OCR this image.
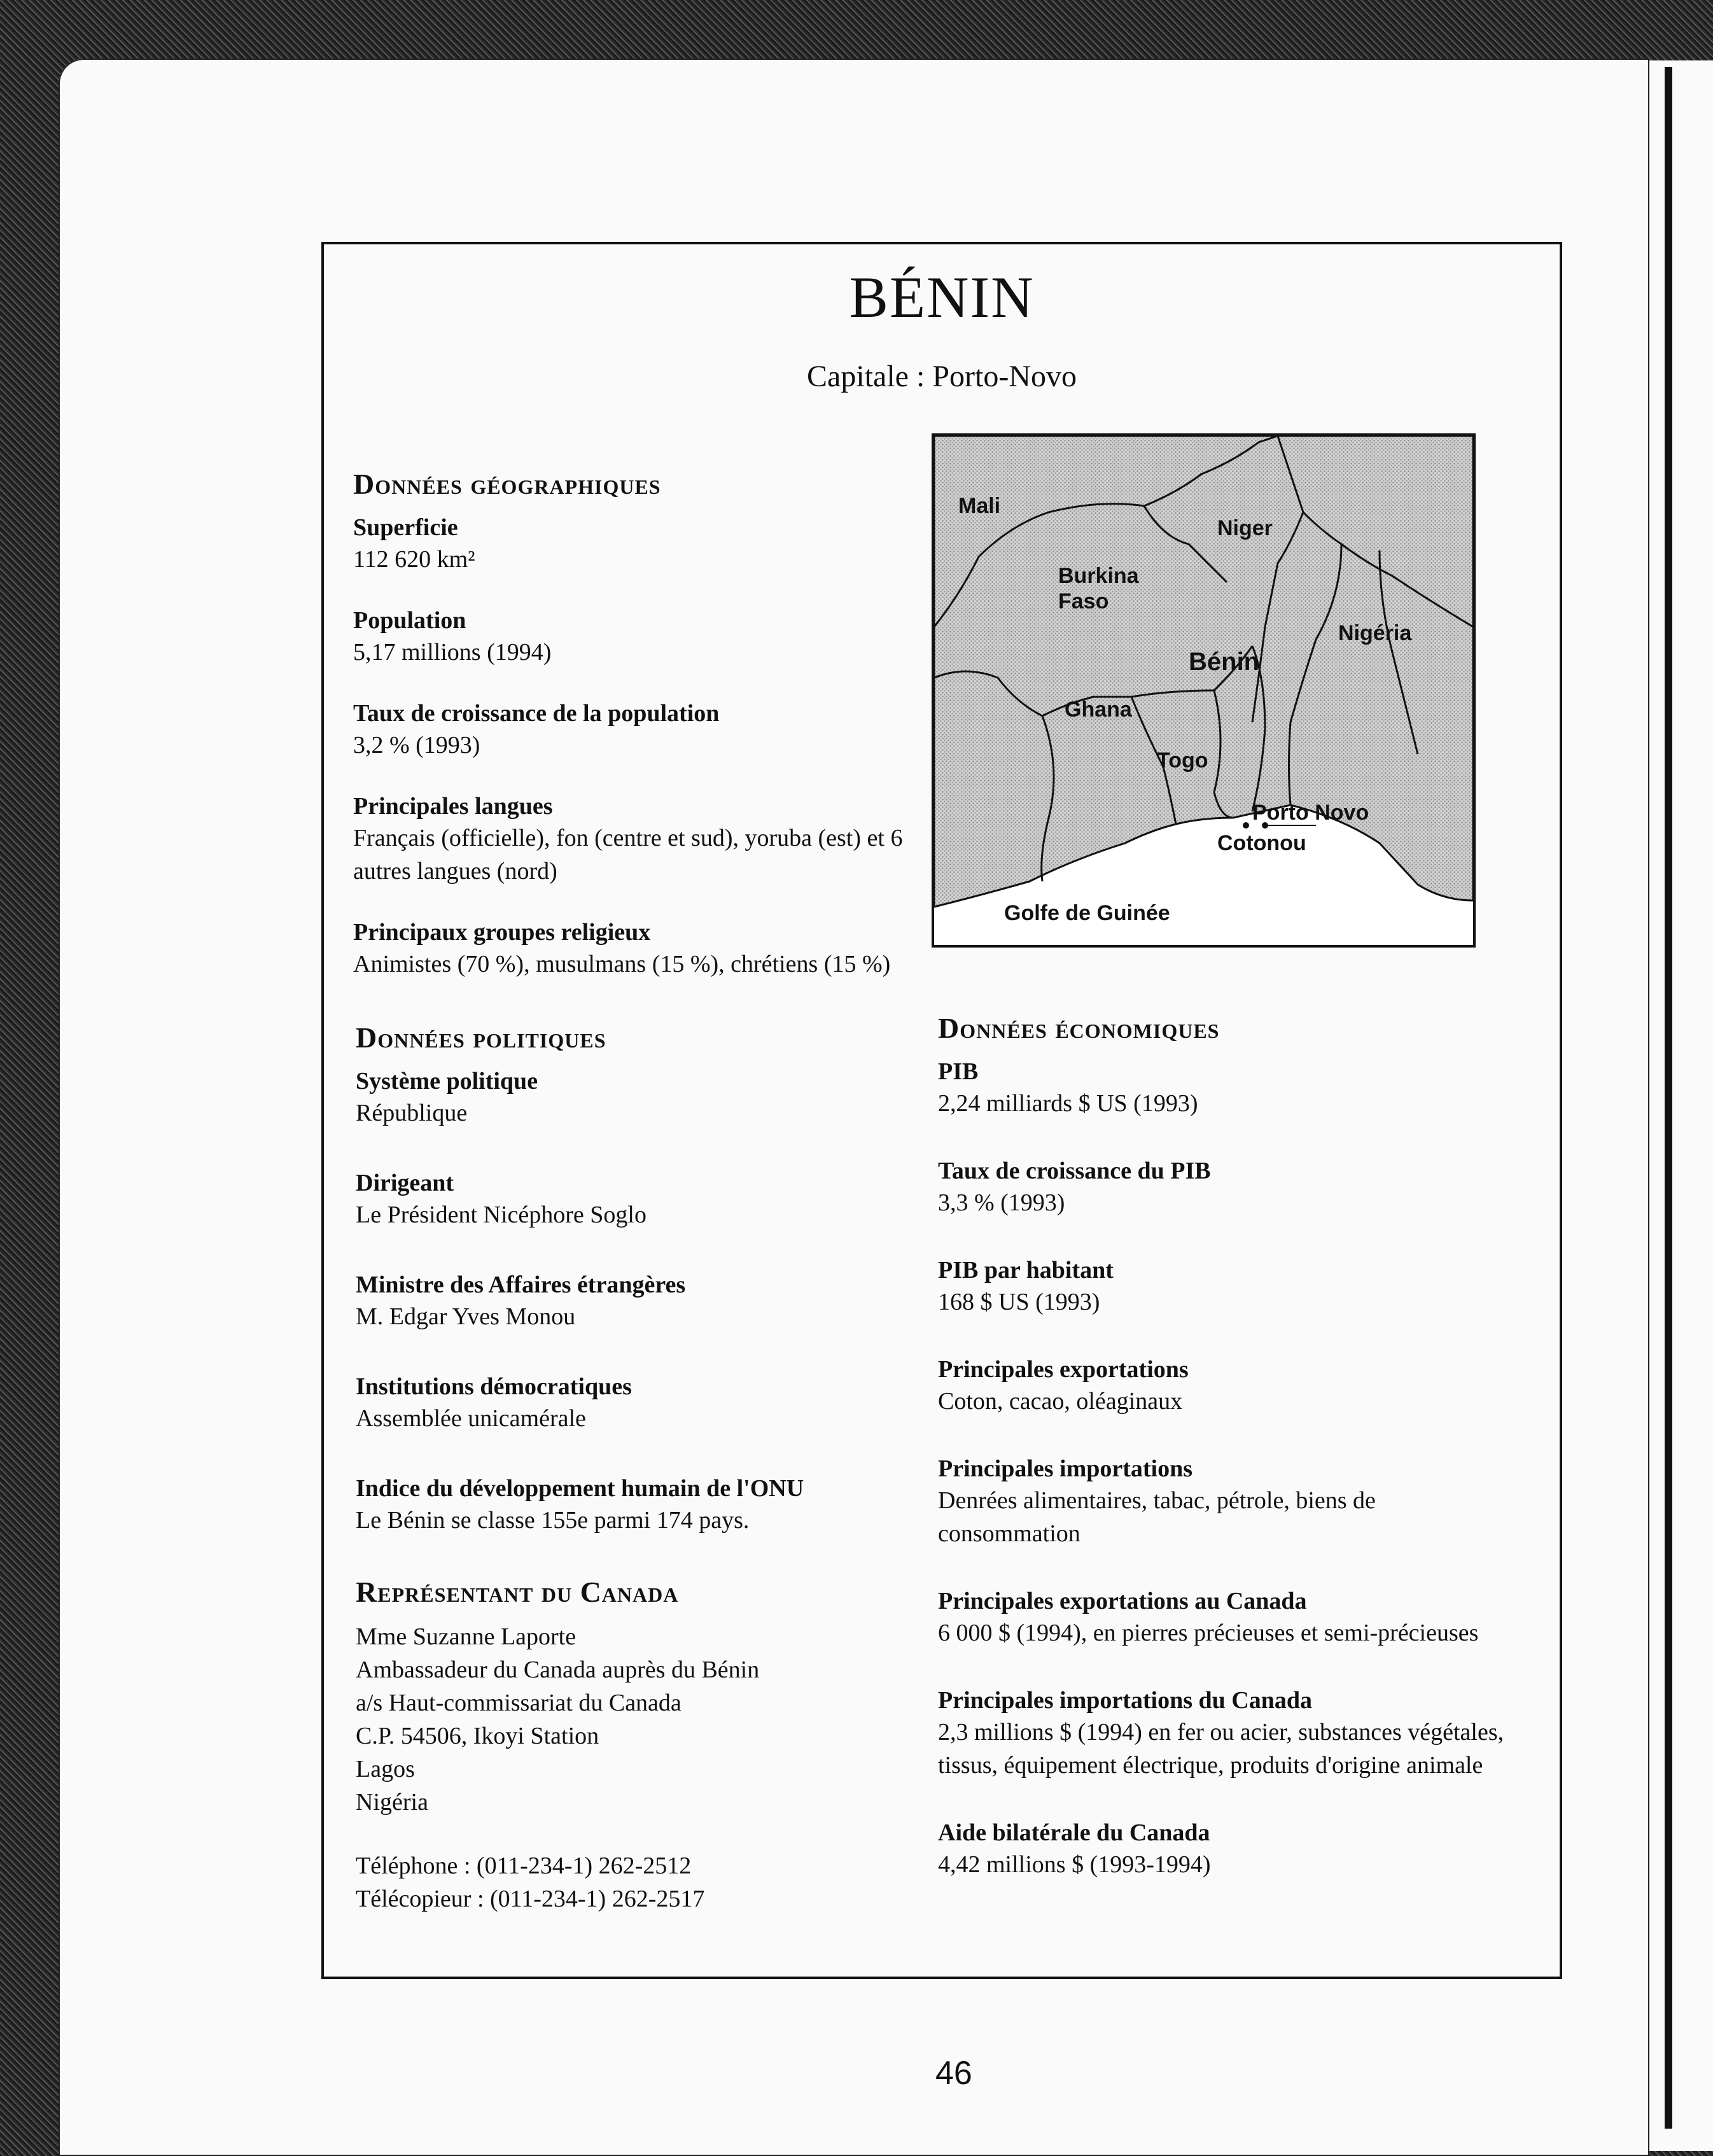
BÉNIN
Capitale : Porto-Novo
Données géographiques
Superficie
112 620 km²
Population
5,17 millions (1994)
Taux de croissance de la population
3,2 % (1993)
Principales langues
Français (officielle), fon (centre et sud), yoruba (est) et 6 autres langues (nord)
Principaux groupes religieux
Animistes (70 %), musulmans (15 %), chrétiens (15 %)
Mali
Niger
Burkina Faso
Nigéria
Bénin
Ghana
Togo
Porto Novo
Cotonou
Golfe de Guinée
Données politiques
Système politique
République
Dirigeant
Le Président Nicéphore Soglo
Ministre des Affaires étrangères
M. Edgar Yves Monou
Institutions démocratiques
Assemblée unicamérale
Indice du développement humain de l'ONU
Le Bénin se classe 155e parmi 174 pays.
Représentant du Canada
Mme Suzanne Laporte
Ambassadeur du Canada auprès du Bénin
a/s Haut-commissariat du Canada
C.P. 54506, Ikoyi Station
Lagos
Nigéria
Téléphone : (011-234-1) 262-2512
Télécopieur : (011-234-1) 262-2517
Données économiques
PIB
2,24 milliards $ US (1993)
Taux de croissance du PIB
3,3 % (1993)
PIB par habitant
168 $ US (1993)
Principales exportations
Coton, cacao, oléaginaux
Principales importations
Denrées alimentaires, tabac, pétrole, biens de consommation
Principales exportations au Canada
6 000 $ (1994), en pierres précieuses et semi-précieuses
Principales importations du Canada
2,3 millions $ (1994) en fer ou acier, substances végétales, tissus, équipement électrique, produits d'origine animale
Aide bilatérale du Canada
4,42 millions $ (1993-1994)
46
